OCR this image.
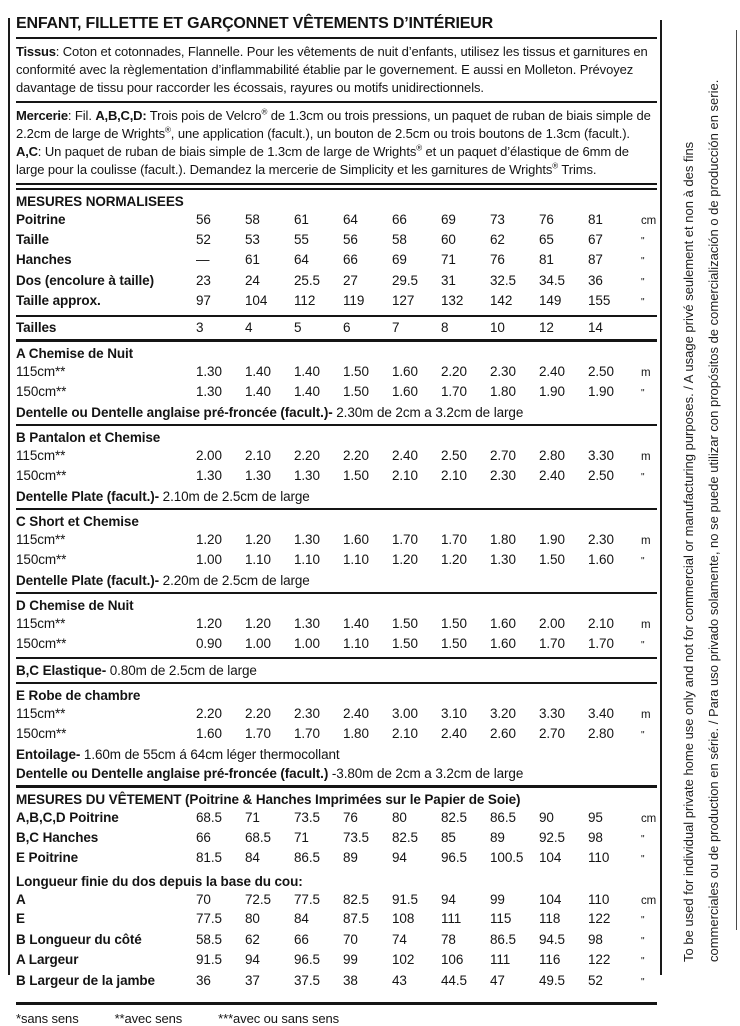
ENFANT, FILLETTE ET GARÇONNET VÊTEMENTS D’INTÉRIEUR

Tissus: Coton et cotonnades, Flannelle. Pour les vêtements de nuit d’enfants, utilisez les tissus et garnitures en conformité avec la règlementation d’inflammabilité établie par le governement. E aussi en Molleton. Prévoyez davantage de tissu pour raccorder les écossais, rayures ou motifs unidirectionnels.

Mercerie: Fil. A,B,C,D: Trois pois de Velcro® de 1.3cm ou trois pressions, un paquet de ruban de biais simple de 2.2cm de large de Wrights®, une application (facult.), un bouton de 2.5cm ou trois boutons de 1.3cm (facult.). A,C: Un paquet de ruban de biais simple de 1.3cm de large de Wrights® et un paquet d’élastique de 6mm de large pour la coulisse (facult.). Demandez la mercerie de Simplicity et les garnitures de Wrights® Trims.

MESURES NORMALISEES
Poitrine	56	58	61	64	66	69	73	76	81	cm
Taille	52	53	55	56	58	60	62	65	67	"
Hanches	—	61	64	66	69	71	76	81	87	"
Dos (encolure à taille)	23	24	25.5	27	29.5	31	32.5	34.5	36	"
Taille approx.	97	104	112	119	127	132	142	149	155	"
Tailles	3	4	5	6	7	8	10	12	14
A Chemise de Nuit
115cm**	1.30	1.40	1.40	1.50	1.60	2.20	2.30	2.40	2.50	m
150cm**	1.30	1.40	1.40	1.50	1.60	1.70	1.80	1.90	1.90	"
Dentelle ou Dentelle anglaise pré-froncée (facult.)- 2.30m de 2cm a 3.2cm de large
B Pantalon et Chemise
115cm**	2.00	2.10	2.20	2.20	2.40	2.50	2.70	2.80	3.30	m
150cm**	1.30	1.30	1.30	1.50	2.10	2.10	2.30	2.40	2.50	"
Dentelle Plate (facult.)- 2.10m de 2.5cm de large
C Short et Chemise
115cm**	1.20	1.20	1.30	1.60	1.70	1.70	1.80	1.90	2.30	m
150cm**	1.00	1.10	1.10	1.10	1.20	1.20	1.30	1.50	1.60	"
Dentelle Plate (facult.)- 2.20m de 2.5cm de large
D Chemise de Nuit
115cm**	1.20	1.20	1.30	1.40	1.50	1.50	1.60	2.00	2.10	m
150cm**	0.90	1.00	1.00	1.10	1.50	1.50	1.60	1.70	1.70	"
B,C Elastique- 0.80m de 2.5cm de large
E Robe de chambre
115cm**	2.20	2.20	2.30	2.40	3.00	3.10	3.20	3.30	3.40	m
150cm**	1.60	1.70	1.70	1.80	2.10	2.40	2.60	2.70	2.80	"
Entoilage- 1.60m de 55cm á 64cm léger thermocollant
Dentelle ou Dentelle anglaise pré-froncée (facult.) -3.80m de 2cm a 3.2cm de large
MESURES DU VÊTEMENT (Poitrine & Hanches Imprimées sur le Papier de Soie)
A,B,C,D Poitrine	68.5	71	73.5	76	80	82.5	86.5	90	95	cm
B,C Hanches	66	68.5	71	73.5	82.5	85	89	92.5	98	"
E Poitrine	81.5	84	86.5	89	94	96.5	100.5	104	110	"
Longueur finie du dos depuis la base du cou:
A	70	72.5	77.5	82.5	91.5	94	99	104	110	cm
E	77.5	80	84	87.5	108	111	115	118	122	"
B Longueur du côté	58.5	62	66	70	74	78	86.5	94.5	98	"
A Largeur	91.5	94	96.5	99	102	106	111	116	122	"
B Largeur de la jambe	36	37	37.5	38	43	44.5	47	49.5	52	"
*sans sens	**avec sens	***avec ou sans sens
To be used for individual private home use only and not for commercial or manufacturing purposes. / A usage privé seulement et non à des fins commerciales ou de production en série. / Para uso privado solamente, no se puede utilizar con propósitos de comercialización o de producción en serie.
